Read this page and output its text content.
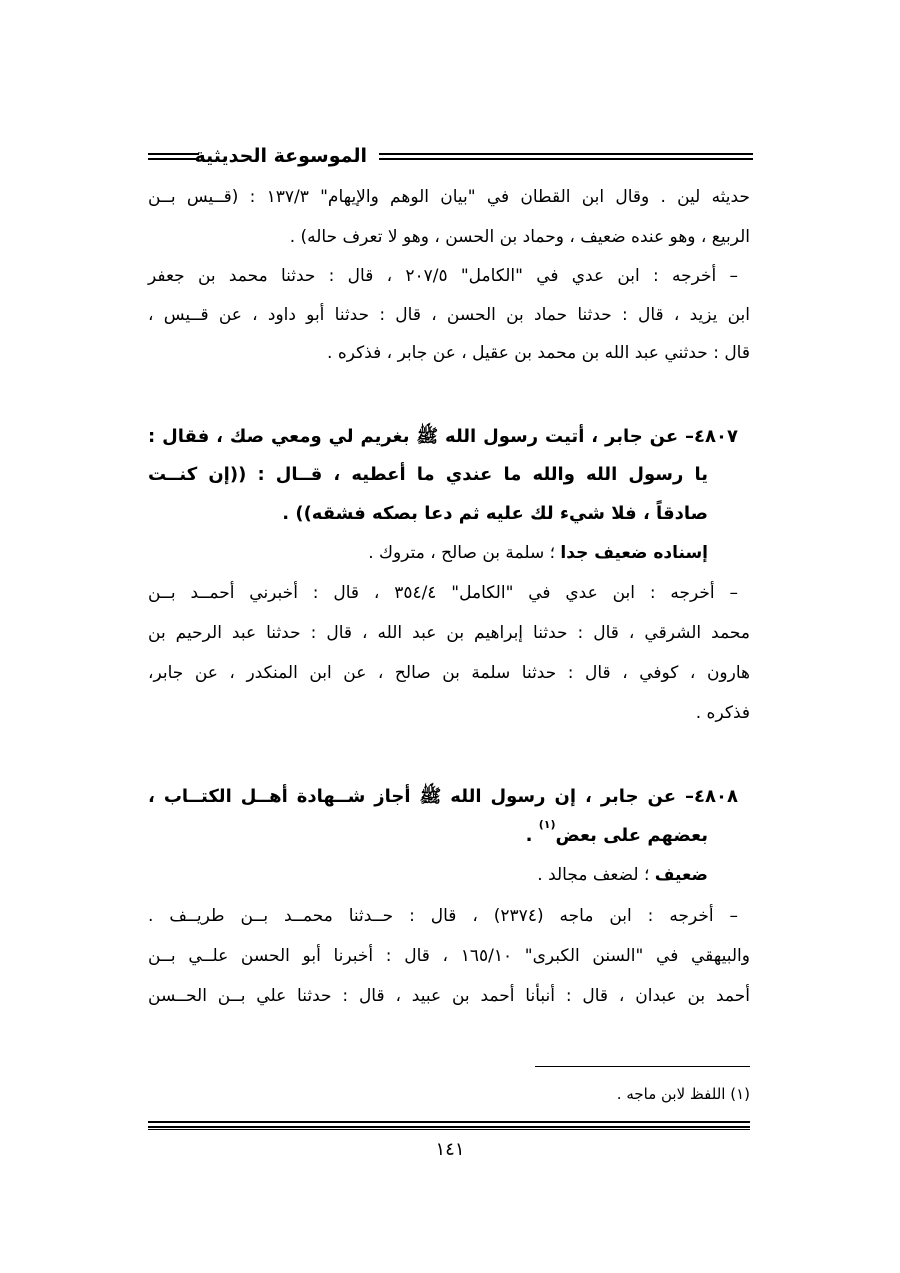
الموسوعة الحديثية
حديثه لين . وقال ابن القطان في "بيان الوهم والإيهام" ١٣٧/٣ : (قــيس بــن
الربيع ، وهو عنده ضعيف ، وحماد بن الحسن ، وهو لا تعرف حاله) .
– أخرجه : ابن عدي في "الكامل" ٢٠٧/٥ ، قال : حدثنا محمد بن جعفر
ابن يزيد ، قال : حدثنا حماد بن الحسن ، قال : حدثنا أبو داود ، عن قــيس ،
قال : حدثني عبد الله بن محمد بن عقيل ، عن جابر ، فذكره .
٤٨٠٧– عن جابر ، أتيت رسول الله ﷺ بغريم لي ومعي صك ، فقال :
يا رسول الله والله ما عندي ما أعطيه ، قــال : ((إن كنــت
صادقاً ، فلا شيء لك عليه ثم دعا بصكه فشقه)) .
إسناده ضعيف جدا ؛ سلمة بن صالح ، متروك .
– أخرجه : ابن عدي في "الكامل" ٣٥٤/٤ ، قال : أخبرني أحمــد بــن
محمد الشرقي ، قال : حدثنا إبراهيم بن عبد الله ، قال : حدثنا عبد الرحيم بن
هارون ، كوفي ، قال : حدثنا سلمة بن صالح ، عن ابن المنكدر ، عن جابر،
فذكره .
٤٨٠٨– عن جابر ، إن رسول الله ﷺ أجاز شــهادة أهــل الكتــاب ،
بعضهم على بعض$^{(١)}$ .
ضعيف ؛ لضعف مجالد .
– أخرجه : ابن ماجه (٢٣٧٤) ، قال : حــدثنا محمــد بــن طريــف .
والبيهقي في "السنن الكبرى" ١٦٥/١٠ ، قال : أخبرنا أبو الحسن علــي بــن
أحمد بن عبدان ، قال : أنبأنا أحمد بن عبيد ، قال : حدثنا علي بــن الحــسن
(١) اللفظ لابن ماجه .
١٤١
